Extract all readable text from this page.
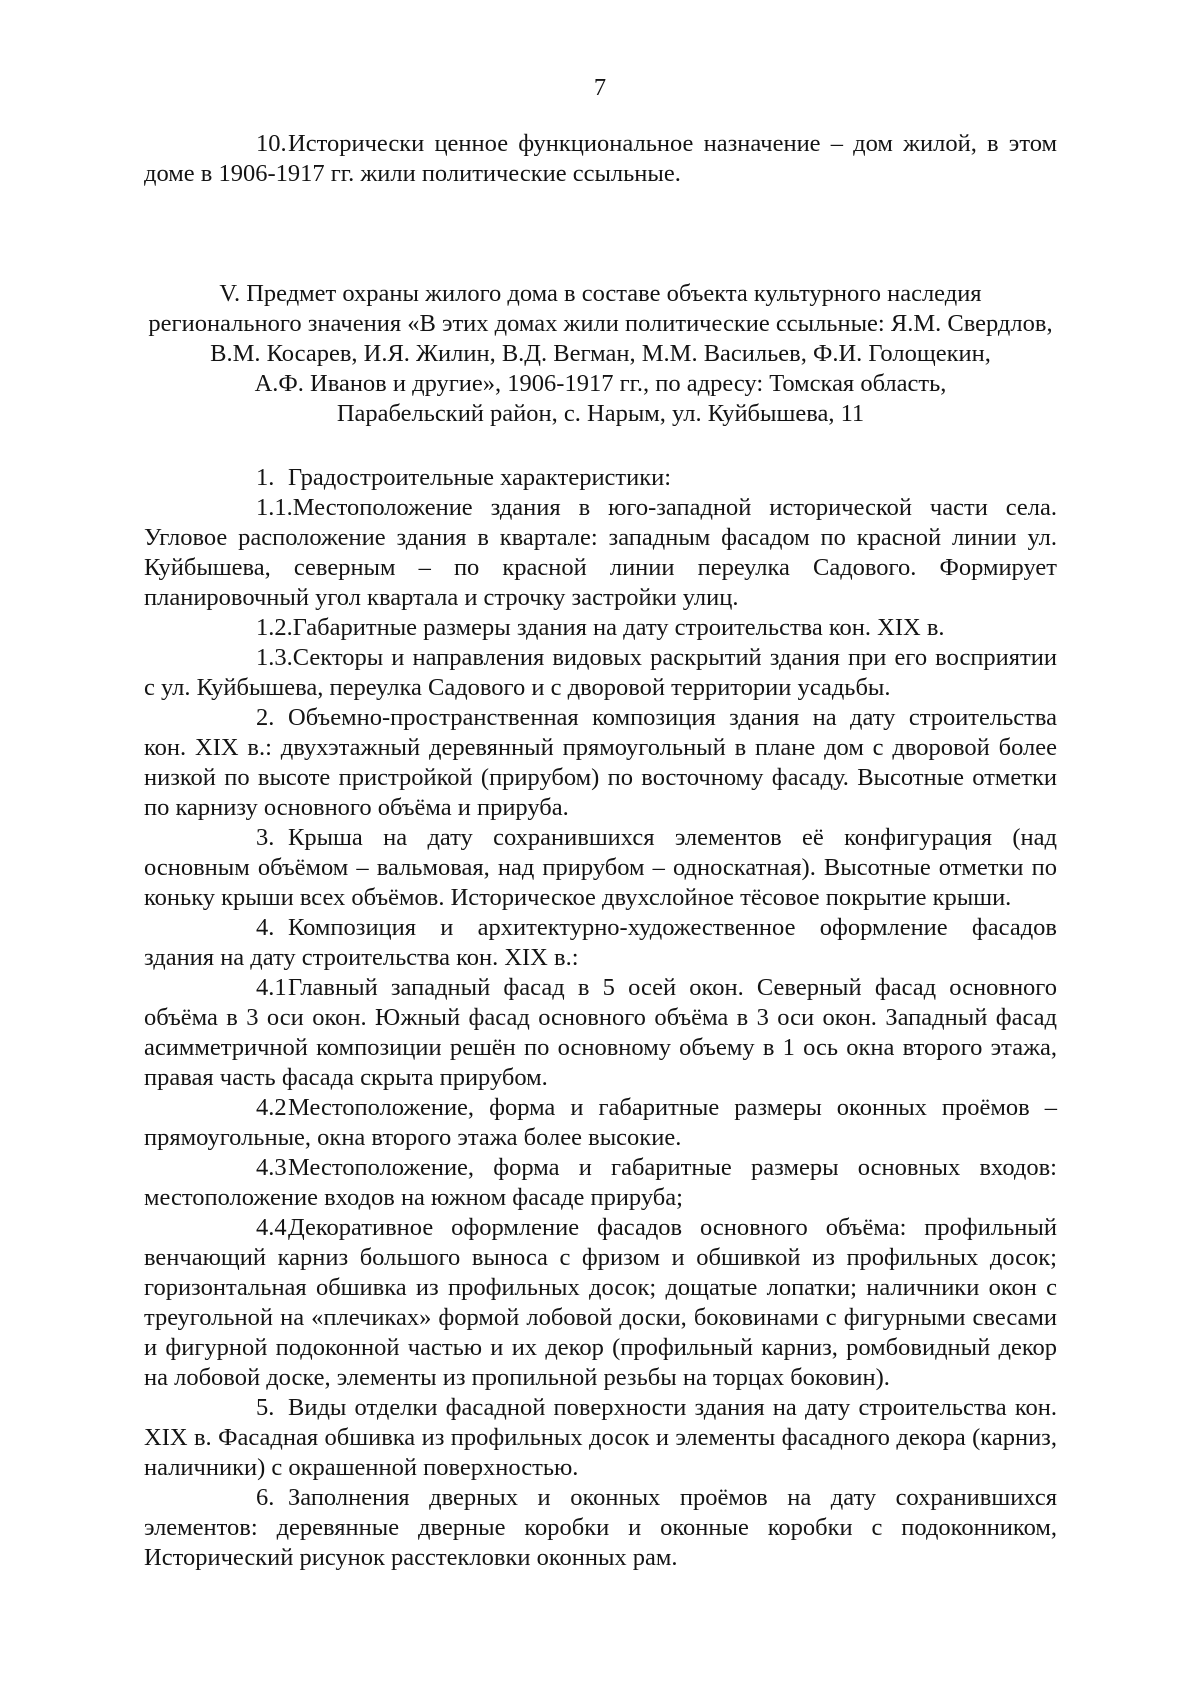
7

10.Исторически ценное функциональное назначение – дом жилой, в этом доме в 1906-1917 гг. жили политические ссыльные.

V. Предмет охраны жилого дома в составе объекта культурного наследия
регионального значения «В этих домах жили политические ссыльные: Я.М. Свердлов,
В.М. Косарев, И.Я. Жилин, В.Д. Вегман, М.М. Васильев, Ф.И. Голощекин,
А.Ф. Иванов и другие», 1906-1917 гг., по адресу: Томская область,
Парабельский район, с. Нарым, ул. Куйбышева, 11

1. Градостроительные характеристики:

1.1.Местоположение здания в юго-западной исторической части села. Угловое расположение здания в квартале: западным фасадом по красной линии ул. Куйбышева, северным – по красной линии переулка Садового. Формирует планировочный угол квартала и строчку застройки улиц.

1.2.Габаритные размеры здания на дату строительства кон. XIX в.

1.3.Секторы и направления видовых раскрытий здания при его восприятии с ул. Куйбышева, переулка Садового и с дворовой территории усадьбы.

2. Объемно-пространственная композиция здания на дату строительства кон. XIX в.: двухэтажный деревянный прямоугольный в плане дом с дворовой более низкой по высоте пристройкой (прирубом) по восточному фасаду. Высотные отметки по карнизу основного объёма и прируба.

3. Крыша на дату сохранившихся элементов её конфигурация (над основным объёмом – вальмовая, над прирубом – односкатная). Высотные отметки по коньку крыши всех объёмов. Историческое двухслойное тёсовое покрытие крыши.

4. Композиция и архитектурно-художественное оформление фасадов здания на дату строительства кон. XIX в.:

4.1Главный западный фасад в 5 осей окон. Северный фасад основного объёма в 3 оси окон. Южный фасад основного объёма в 3 оси окон. Западный фасад асимметричной композиции решён по основному объему в 1 ось окна второго этажа, правая часть фасада скрыта прирубом.

4.2Местоположение, форма и габаритные размеры оконных проёмов – прямоугольные, окна второго этажа более высокие.

4.3Местоположение, форма и габаритные размеры основных входов: местоположение входов на южном фасаде прируба;

4.4Декоративное оформление фасадов основного объёма: профильный венчающий карниз большого выноса с фризом и обшивкой из профильных досок; горизонтальная обшивка из профильных досок; дощатые лопатки; наличники окон с треугольной на «плечиках» формой лобовой доски, боковинами с фигурными свесами и фигурной подоконной частью и их декор (профильный карниз, ромбовидный декор на лобовой доске, элементы из пропильной резьбы на торцах боковин).

5. Виды отделки фасадной поверхности здания на дату строительства кон. XIX в. Фасадная обшивка из профильных досок и элементы фасадного декора (карниз, наличники) с окрашенной поверхностью.

6. Заполнения дверных и оконных проёмов на дату сохранившихся элементов: деревянные дверные коробки и оконные коробки с подоконником, Исторический рисунок расстекловки оконных рам.
